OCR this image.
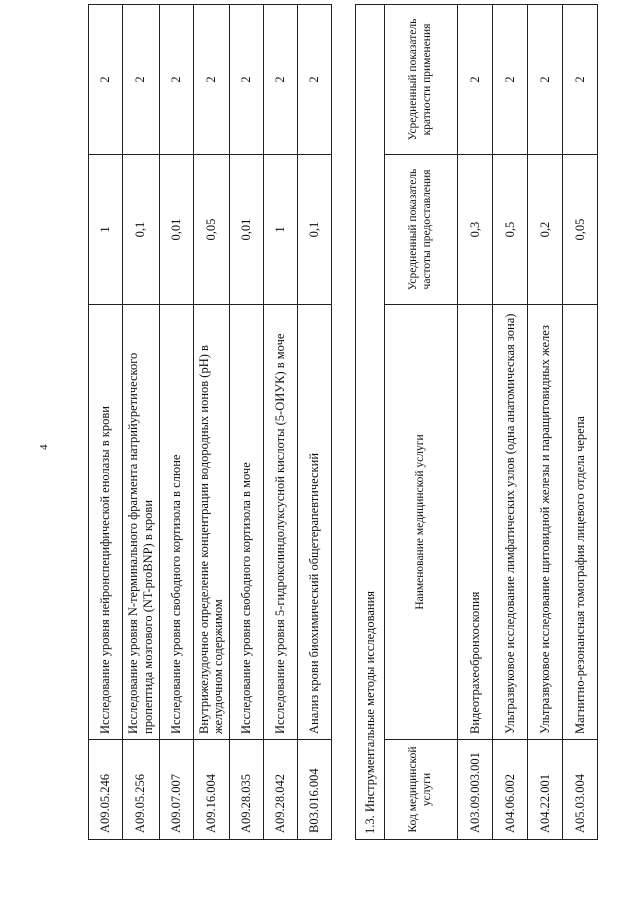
4
A09.05.246	Исследование уровня нейронспецифической енолазы в крови	1	2
A09.05.256	Исследование уровня N-терминального фрагмента натрийуретического пропептида мозгового (NT-proBNP) в крови	0,1	2
A09.07.007	Исследование уровня свободного кортизола в слюне	0,01	2
A09.16.004	Внутрижелудочное определение концентрации водородных ионов (pH) в желудочном содержимом	0,05	2
A09.28.035	Исследование уровня свободного кортизола в моче	0,01	2
A09.28.042	Исследование уровня 5-гидроксииндолуксусной кислоты (5-ОИУК) в моче	1	2
B03.016.004	Анализ крови биохимический общетерапевтический	0,1	2
1.3. Инструментальные методы исследования			
Код медицинской услуги	Наименование медицинской услуги	Усредненный показатель частоты предоставления	Усредненный показатель кратности применения
A03.09.003.001	Видеотрахеобронхоскопия	0,3	2
A04.06.002	Ультразвуковое исследование лимфатических узлов (одна анатомическая зона)	0,5	2
A04.22.001	Ультразвуковое исследование щитовидной железы и паращитовидных желез	0,2	2
A05.03.004	Магнитно-резонансная томография лицевого отдела черепа	0,05	2
